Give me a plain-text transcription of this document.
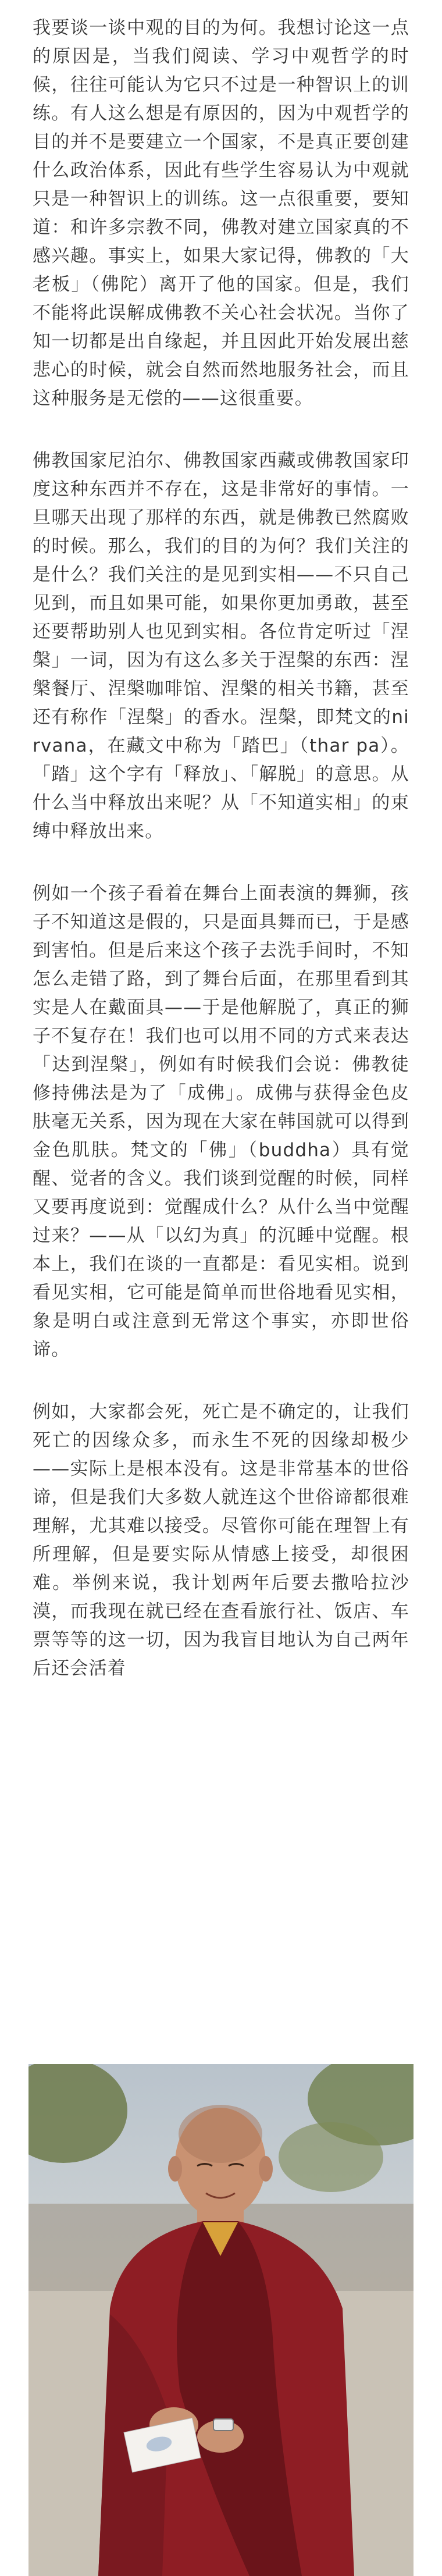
我要谈一谈中观的目的为何。我想讨论这一点的原因是，当我们阅读、学习中观哲学的时候，往往可能认为它只不过是一种智识上的训练。有人这么想是有原因的，因为中观哲学的目的并不是要建立一个国家，不是真正要创建什么政治体系，因此有些学生容易认为中观就只是一种智识上的训练。这一点很重要，要知道：和许多宗教不同，佛教对建立国家真的不感兴趣。事实上，如果大家记得，佛教的「大老板」（佛陀）离开了他的国家。但是，我们不能将此误解成佛教不关心社会状况。当你了知一切都是出自缘起，并且因此开始发展出慈悲心的时候，就会自然而然地服务社会，而且这种服务是无偿的——这很重要。

佛教国家尼泊尔、佛教国家西藏或佛教国家印度这种东西并不存在，这是非常好的事情。一旦哪天出现了那样的东西，就是佛教已然腐败的时候。那么，我们的目的为何？我们关注的是什么？我们关注的是见到实相——不只自己见到，而且如果可能，如果你更加勇敢，甚至还要帮助别人也见到实相。各位肯定听过「涅槃」一词，因为有这么多关于涅槃的东西：涅槃餐厅、涅槃咖啡馆、涅槃的相关书籍，甚至还有称作「涅槃」的香水。涅槃，即梵文的nirvana，在藏文中称为「踏巴」（thar pa）。「踏」这个字有「释放」、「解脱」的意思。从什么当中释放出来呢？从「不知道实相」的束缚中释放出来。

例如一个孩子看着在舞台上面表演的舞狮，孩子不知道这是假的，只是面具舞而已，于是感到害怕。但是后来这个孩子去洗手间时，不知怎么走错了路，到了舞台后面，在那里看到其实是人在戴面具——于是他解脱了，真正的狮子不复存在！我们也可以用不同的方式来表达「达到涅槃」，例如有时候我们会说：佛教徒修持佛法是为了「成佛」。成佛与获得金色皮肤毫无关系，因为现在大家在韩国就可以得到金色肌肤。梵文的「佛」（buddha）具有觉醒、觉者的含义。我们谈到觉醒的时候，同样又要再度说到：觉醒成什么？从什么当中觉醒过来？——从「以幻为真」的沉睡中觉醒。根本上，我们在谈的一直都是：看见实相。说到看见实相，它可能是简单而世俗地看见实相，象是明白或注意到无常这个事实，亦即世俗谛。

例如，大家都会死，死亡是不确定的，让我们死亡的因缘众多，而永生不死的因缘却极少——实际上是根本没有。这是非常基本的世俗谛，但是我们大多数人就连这个世俗谛都很难理解，尤其难以接受。尽管你可能在理智上有所理解，但是要实际从情感上接受，却很困难。举例来说，我计划两年后要去撒哈拉沙漠，而我现在就已经在查看旅行社、饭店、车票等等的这一切，因为我盲目地认为自己两年后还会活着
